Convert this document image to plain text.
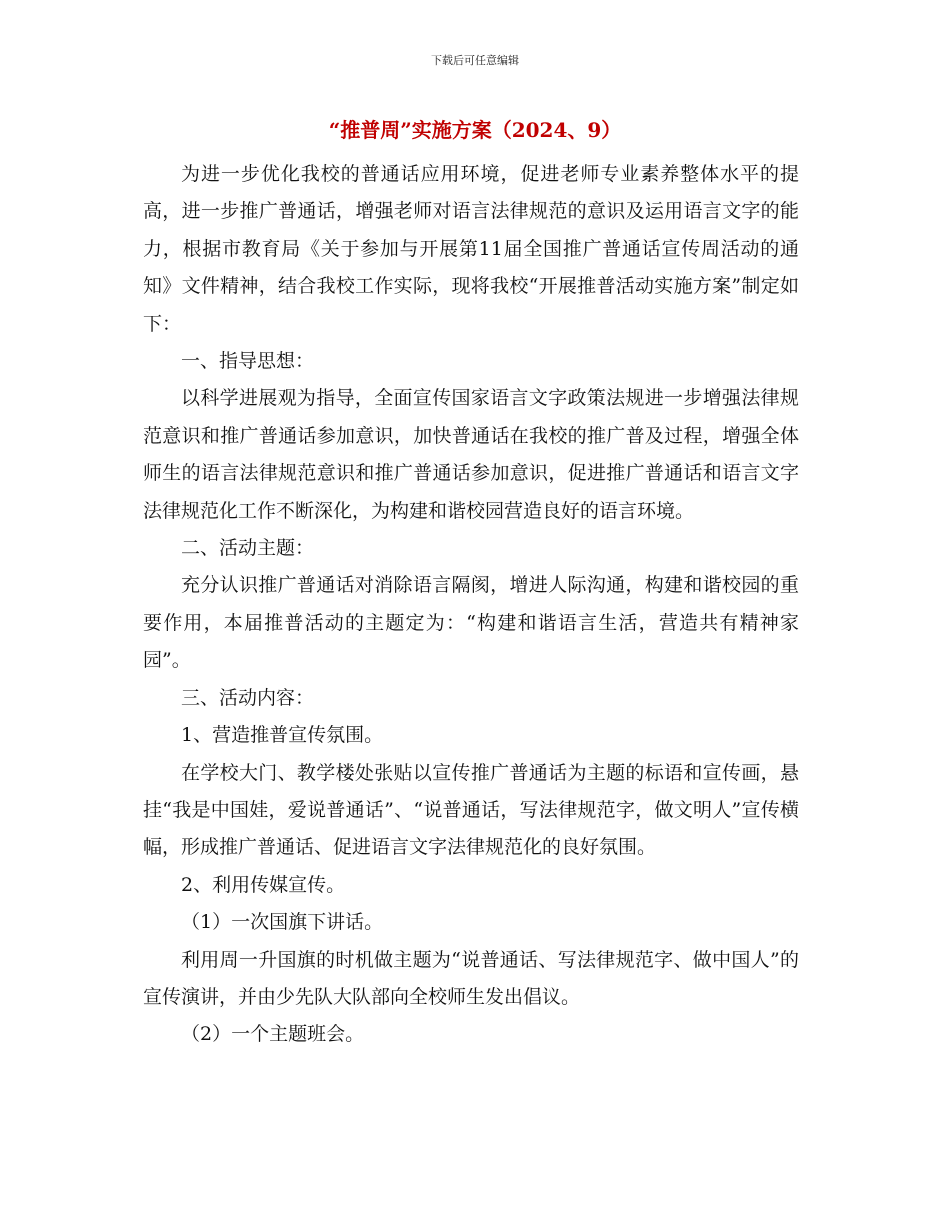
下载后可任意编辑
“推普周”实施方案（2024、9）

为进一步优化我校的普通话应用环境，促进老师专业素养整体水平的提高，进一步推广普通话，增强老师对语言法律规范的意识及运用语言文字的能力，根据市教育局《关于参加与开展第11届全国推广普通话宣传周活动的通知》文件精神，结合我校工作实际，现将我校“开展推普活动实施方案”制定如下：

一、指导思想：

以科学进展观为指导，全面宣传国家语言文字政策法规进一步增强法律规范意识和推广普通话参加意识，加快普通话在我校的推广普及过程，增强全体师生的语言法律规范意识和推广普通话参加意识，促进推广普通话和语言文字法律规范化工作不断深化，为构建和谐校园营造良好的语言环境。

二、活动主题：

充分认识推广普通话对消除语言隔阂，增进人际沟通，构建和谐校园的重要作用，本届推普活动的主题定为：“构建和谐语言生活，营造共有精神家园”。

三、活动内容：

1、营造推普宣传氛围。

在学校大门、教学楼处张贴以宣传推广普通话为主题的标语和宣传画，悬挂“我是中国娃，爱说普通话”、“说普通话，写法律规范字，做文明人”宣传横幅，形成推广普通话、促进语言文字法律规范化的良好氛围。

2、利用传媒宣传。

（1）一次国旗下讲话。

利用周一升国旗的时机做主题为“说普通话、写法律规范字、做中国人”的宣传演讲，并由少先队大队部向全校师生发出倡议。

（2）一个主题班会。
